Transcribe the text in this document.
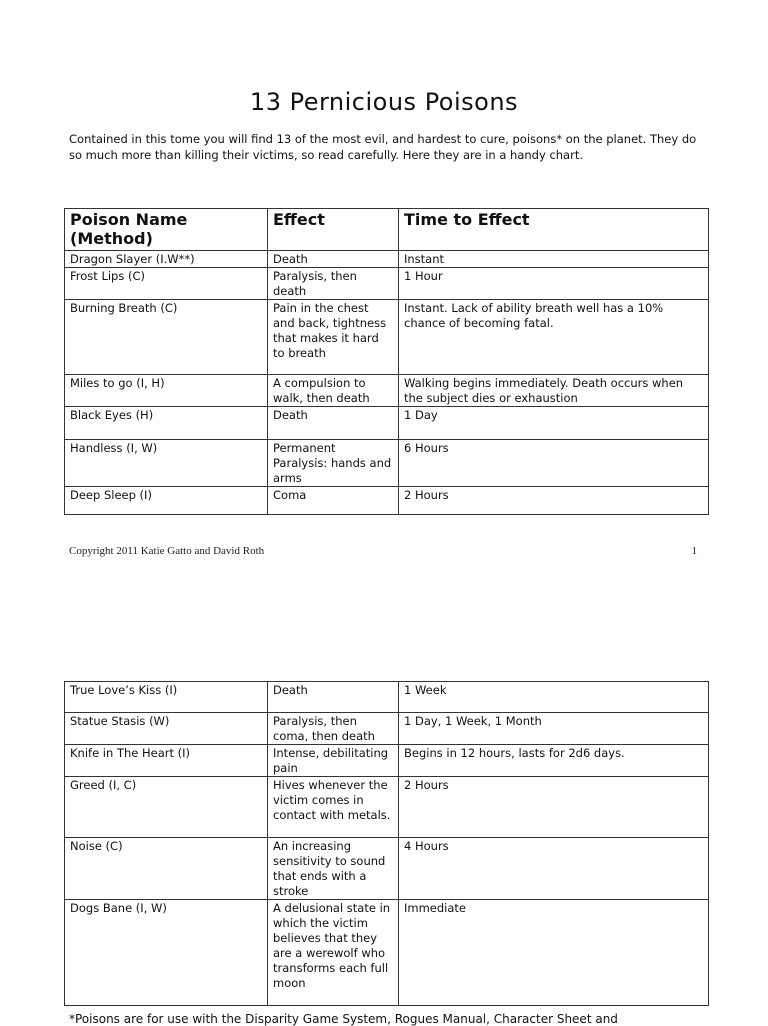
13 Pernicious Poisons
Contained in this tome you will find 13 of the most evil, and hardest to cure, poisons* on the planet. They do so much more than killing their victims, so read carefully. Here they are in a handy chart.
Poison Name (Method)	Effect	Time to Effect
Dragon Slayer (I.W**)	Death	Instant
Frost Lips (C)	Paralysis, then death	1 Hour
Burning Breath (C)	Pain in the chest and back, tightness that makes it hard to breath	Instant. Lack of ability breath well has a 10% chance of becoming fatal.
Miles to go (I, H)	A compulsion to walk, then death	Walking begins immediately. Death occurs when the subject dies or exhaustion
Black Eyes (H)	Death	1 Day
Handless (I, W)	Permanent Paralysis: hands and arms	6 Hours
Deep Sleep (I)	Coma	2 Hours
Copyright 2011 Katie Gatto and David Roth	1
True Love’s Kiss (I)	Death	1 Week
Statue Stasis (W)	Paralysis, then coma, then death	1 Day, 1 Week, 1 Month
Knife in The Heart (I)	Intense, debilitating pain	Begins in 12 hours, lasts for 2d6 days.
Greed (I, C)	Hives whenever the victim comes in contact with metals.	2 Hours
Noise (C)	An increasing sensitivity to sound that ends with a stroke	4 Hours
Dogs Bane (I, W)	A delusional state in which the victim believes that they are a werewolf who transforms each full moon	Immediate
*Poisons are for use with the Disparity Game System, Rogues Manual, Character Sheet and
